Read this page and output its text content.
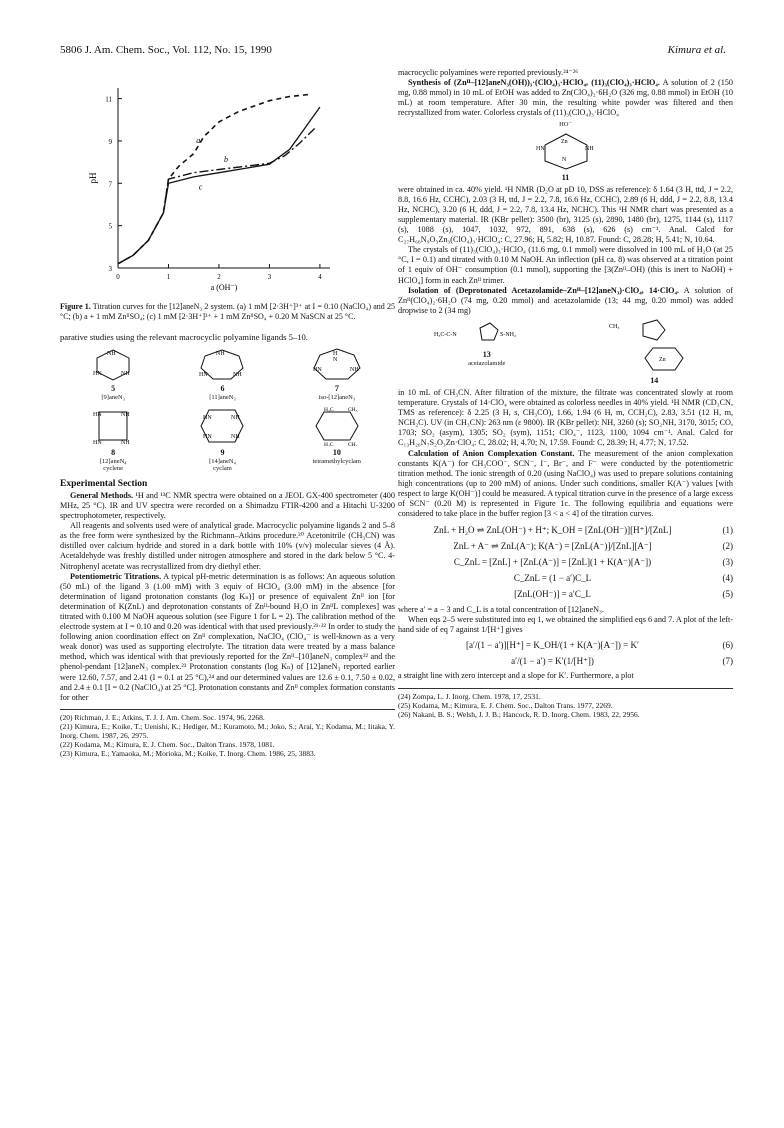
5806 J. Am. Chem. Soc., Vol. 112, No. 15, 1990	Kimura et al.
11
9
7
5
3
0	1	2	3	4
pH
a (OH⁻)
a
b
c

Figure 1. Titration curves for the [12]aneN₃ 2 system. (a) 1 mM [2·3H⁺]³⁺ at I = 0.10 (NaClO₄) and 25 °C; (b) a + 1 mM ZnᴵᴵSO₄; (c) 1 mM [2·3H⁺]³⁺ + 1 mM ZnᴵᴵSO₄ + 0.20 M NaSCN at 25 °C.

parative studies using the relevant macrocyclic polyamine ligands 5–10.

NH
NH
HN
5
[9]aneN₃
NH
NH
HN
6
[11]aneN₃
H
N
NH
HN
7
iso-[12]aneN₃
HN	NH
HN	NH
8
[12]aneN₄
cyclene
HN	NH
HN	NH
9
[14]aneN₄
cyclam
H₃C	CH₃
H₃C	CH₃
10
tetramethylcyclam
Experimental Section

General Methods. ¹H and ¹³C NMR spectra were obtained on a JEOL GX-400 spectrometer (400 MHz, 25 °C). IR and UV spectra were recorded on a Shimadzu FTIR-4200 and a Hitachi U-3200 spectrophotometer, respectively.

All reagents and solvents used were of analytical grade. Macrocyclic polyamine ligands 2 and 5–8 as the free form were synthesized by the Richmann–Atkins procedure.²⁰ Acetonitrile (CH₃CN) was distilled over calcium hydride and stored in a dark bottle with 10% (v/v) molecular sieves (4 Å). Acetaldehyde was freshly distilled under nitrogen atmosphere and stored in the dark below 5 °C. 4-Nitrophenyl acetate was recrystallized from dry diethyl ether.

Potentiometric Titrations. A typical pH-metric determination is as follows: An aqueous solution (50 mL) of the ligand 3 (1.00 mM) with 3 equiv of HClO₄ (3.00 mM) in the absence [for determination of ligand protonation constants (log Kₙ)] or presence of equivalent Znᴵᴵ ion [for determination of K(ZnL) and deprotonation constants of Znᴵᴵ-bound H₂O in ZnᴵᴵL complexes] was titrated with 0.100 M NaOH aqueous solution (see Figure 1 for L = 2). The calibration method of the electrode system at I = 0.10 and 0.20 was identical with that used previously.²¹·²² In order to study the following anion coordination effect on Znᴵᴵ complexation, NaClO₄ (ClO₄⁻ is well-known as a very weak donor) was used as supporting electrolyte. The titration data were treated by a mass balance method, which was identical with that previously reported for the Znᴵᴵ–[10]aneN₃ complex²² and the phenol-pendant [12]aneN₃ complex.²³ Protonation constants (log Kₙ) of [12]aneN₃ reported earlier were 12.60, 7.57, and 2.41 (I = 0.1 at 25 °C),²⁴ and our determined values are 12.6 ± 0.1, 7.50 ± 0.02, and 2.4 ± 0.1 [I = 0.2 (NaClO₄) at 25 °C]. Protonation constants and Znᴵᴵ complex formation constants for other

(20) Richman, J. E.; Atkins, T. J. J. Am. Chem. Soc. 1974, 96, 2268.

(21) Kimura, E.; Koike, T.; Uenishi, K.; Hediger, M.; Kuramoto, M.; Joko, S.; Arai, Y.; Kodama, M.; Iitaka, Y. Inorg. Chem. 1987, 26, 2975.

(22) Kodama, M.; Kimura, E. J. Chem. Soc., Dalton Trans. 1978, 1081.

(23) Kimura, E.; Yamaoka, M.; Morioka, M.; Koike, T. Inorg. Chem. 1986, 25, 3883.

macrocyclic polyamines were reported previously.²⁴⁻²⁶

Synthesis of (Znᴵᴵ–[12]aneN₃(OH))₃·(ClO₄)₃·HClO₄, (11)₃(ClO₄)₃·HClO₄. A solution of 2 (150 mg, 0.88 mmol) in 10 mL of EtOH was added to Zn(ClO₄)₂·6H₂O (326 mg, 0.88 mmol) in EtOH (10 mL) at room temperature. After 30 min, the resulting white powder was filtered and then recrystallized from water. Colorless crystals of (11)₃(ClO₄)₃·HClO₄

HO⁻
Zn
HN	NH
N
11

were obtained in ca. 40% yield. ¹H NMR (D₂O at pD 10, DSS as reference): δ 1.64 (3 H, ttd, J = 2.2, 8.8, 16.6 Hz, CCHC), 2.03 (3 H, ttd, J = 2.2, 7.8, 16.6 Hz, CCHC), 2.89 (6 H, ddd, J = 2.2, 8.8, 13.4 Hz, NCHC), 3.20 (6 H, ddd, J = 2.2, 7.8, 13.4 Hz, NCHC). This ¹H NMR chart was presented as a supplementary material. IR (KBr pellet): 3500 (br), 3125 (s), 2890, 1480 (br), 1275, 1144 (s), 1117 (s), 1088 (s), 1047, 1032, 972, 891, 638 (s), 626 (s) cm⁻¹. Anal. Calcd for C₂₇H₆₆N₉O₃Zn₃(ClO₄)₃·HClO₄: C, 27.96; H, 5.82; H, 10.87. Found: C, 28.28; H, 5.41; N, 10.64.

The crystals of (11)₃(ClO₄)₃·HClO₄ (11.6 mg, 0.1 mmol) were dissolved in 100 mL of H₂O (at 25 °C, I = 0.1) and titrated with 0.10 M NaOH. An inflection (pH ca. 8) was observed at a titration point of 1 equiv of OH⁻ consumption (0.1 mmol), supporting the [3(Znᴵᴵ–OH) (this is inert to NaOH) + HClO₄] form in each Znᴵᴵ trimer.

Isolation of (Deprotonated Acetazolamide–Znᴵᴵ–[12]aneN₃)·ClO₄, 14·ClO₄. A solution of Znᴵᴵ(ClO₄)₂·6H₂O (74 mg, 0.20 mmol) and acetazolamide (13; 44 mg, 0.20 mmol) was added dropwise to 2 (34 mg)

H₃C-C-N	S-NH₂
13
acetazolamide
CH₃
Zn
14

in 10 mL of CH₃CN. After filtration of the mixture, the filtrate was concentrated slowly at room temperature. Crystals of 14·ClO₄ were obtained as colorless needles in 40% yield. ¹H NMR (CD₃CN, TMS as reference): δ 2.25 (3 H, s, CH₃CO), 1.66, 1.94 (6 H, m, CCH₂C), 2.83, 3.51 (12 H, m, NCH₂C). UV (in CH₃CN): 263 nm (ε 9800). IR (KBr pellet): NH, 3260 (s); SO₂NH, 3170, 3015; CO, 1703; SO₂ (asym), 1305; SO₂ (sym), 1151; ClO₄⁻, 1123, 1100, 1094 cm⁻¹. Anal. Calcd for C₁₃H₂₆N₇S₂O₃Zn·ClO₄: C, 28.02; H, 4.70; N, 17.59. Found: C, 28.39; H, 4.77; N, 17.52.

Calculation of Anion Complexation Constant. The measurement of the anion complexation constants K(A⁻) for CH₃COO⁻, SCN⁻, I⁻, Br⁻, and F⁻ were conducted by the potentiometric titration method. The ionic strength of 0.20 (using NaClO₄) was used to prepare solutions containing high concentrations (up to 200 mM) of anions. Under such conditions, smaller K(A⁻) values [with respect to large K(OH⁻)] could be measured. A typical titration curve in the presence of a large excess of SCN⁻ (0.20 M) is represented in Figure 1c. The following equilibria and equations were considered to take place in the buffer region [3 < a < 4] of the titration curves.

ZnL + H₂O ⇌ ZnL(OH⁻) + H⁺; K_OH = [ZnL(OH⁻)][H⁺]/[ZnL]	(1)
ZnL + A⁻ ⇌ ZnL(A⁻); K(A⁻) = [ZnL(A⁻)]/[ZnL][A⁻]	(2)
C_ZnL = [ZnL] + [ZnL(A⁻)] = [ZnL](1 + K(A⁻)[A⁻])	(3)
C_ZnL = (1 − a′)C_L	(4)
[ZnL(OH⁻)] = a′C_L	(5)

where a′ = a − 3 and C_L is a total concentration of [12]aneN₃.

When eqs 2–5 were substituted into eq 1, we obtained the simplified eqs 6 and 7. A plot of the left-hand side of eq 7 against 1/[H⁺] gives

[a′/(1 − a′)][H⁺] = K_OH/(1 + K(A⁻)[A⁻]) = K′	(6)
a′/(1 − a′) = K′(1/[H⁺])	(7)

a straight line with zero intercept and a slope for K′. Furthermore, a plot

(24) Zompa, L. J. Inorg. Chem. 1978, 17, 2531.

(25) Kodama, M.; Kimura, E. J. Chem. Soc., Dalton Trans. 1977, 2269.

(26) Nakani, B. S.; Welsh, J. J. B.; Hancock, R. D. Inorg. Chem. 1983, 22, 2956.
